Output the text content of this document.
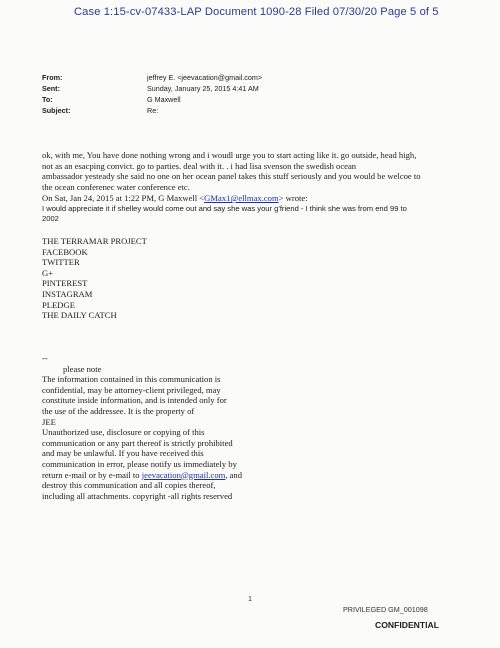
Case 1:15-cv-07433-LAP Document 1090-28 Filed 07/30/20 Page 5 of 5
From:	jeffrey E. <jeevacation@gmail.com>
Sent:	Sunday, January 25, 2015 4:41 AM
To:	G Maxwell
Subject:	Re:
ok, with me, You have done nothing wrong and i woudl urge you to start acting like it. go outside, head high,
not as an esacping convict. go to parties. deal with it. . i had lisa svenson the swedish ocean
ambassador yesteady she said no one on her ocean panel takes this stuff seriously and you would be welcoe to
the ocean conferenec water conference etc.
On Sat, Jan 24, 2015 at 1:22 PM, G Maxwell <GMax1@ellmax.com> wrote:
I would appreciate it if shelley would come out and say she was your g'friend - I think she was from end 99 to
2002
THE TERRAMAR PROJECT
FACEBOOK
TWITTER
G+
PINTEREST
INSTAGRAM
PLEDGE
THE DAILY CATCH
--
please note
The information contained in this communication is
confidential, may be attorney-client privileged, may
constitute inside information, and is intended only for
the use of the addressee. It is the property of
JEE
Unauthorized use, disclosure or copying of this
communication or any part thereof is strictly prohibited
and may be unlawful. If you have received this
communication in error, please notify us immediately by
return e-mail or by e-mail to jeevacation@gmail.com, and
destroy this communication and all copies thereof,
including all attachments. copyright -all rights reserved
1
PRIVILEGED GM_001098
CONFIDENTIAL
